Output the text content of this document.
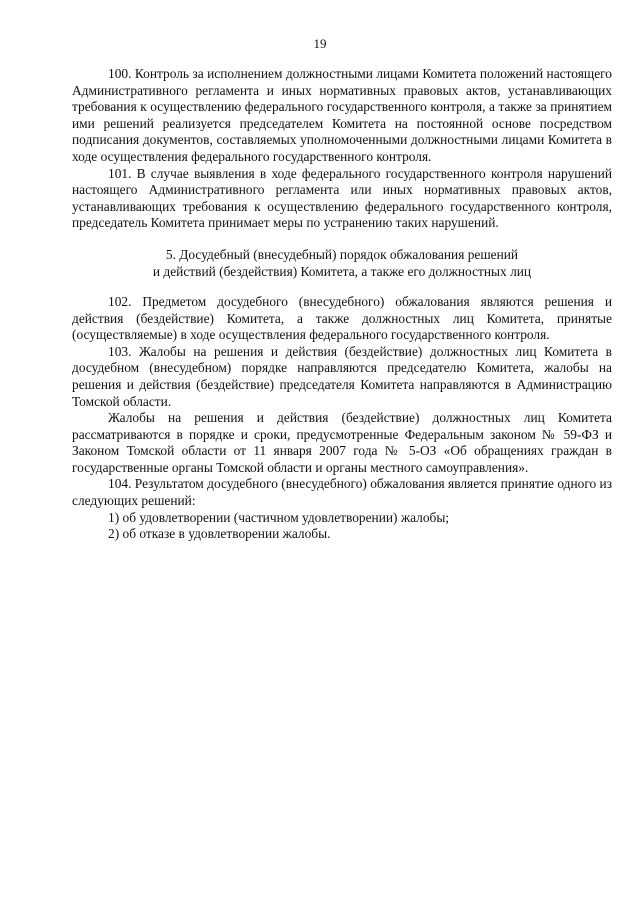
19

100. Контроль за исполнением должностными лицами Комитета положений настоящего Административного регламента и иных нормативных правовых актов, устанавливающих требования к осуществлению федерального государственного контроля, а также за принятием ими решений реализуется председателем Комитета на постоянной основе посредством подписания документов, составляемых уполномоченными должностными лицами Комитета в ходе осуществления федерального государственного контроля.

101. В случае выявления в ходе федерального государственного контроля нарушений настоящего Административного регламента или иных нормативных правовых актов, устанавливающих требования к осуществлению федерального государственного контроля, председатель Комитета принимает меры по устранению таких нарушений.

5. Досудебный (внесудебный) порядок обжалования решений
и действий (бездействия) Комитета, а также его должностных лиц

102. Предметом досудебного (внесудебного) обжалования являются решения и действия (бездействие) Комитета, а также должностных лиц Комитета, принятые (осуществляемые) в ходе осуществления федерального государственного контроля.

103. Жалобы на решения и действия (бездействие) должностных лиц Комитета в досудебном (внесудебном) порядке направляются председателю Комитета, жалобы на решения и действия (бездействие) председателя Комитета направляются в Администрацию Томской области.

Жалобы на решения и действия (бездействие) должностных лиц Комитета рассматриваются в порядке и сроки, предусмотренные Федеральным законом № 59-ФЗ и Законом Томской области от 11 января 2007 года № 5-ОЗ «Об обращениях граждан в государственные органы Томской области и органы местного самоуправления».

104. Результатом досудебного (внесудебного) обжалования является принятие одного из следующих решений:

1) об удовлетворении (частичном удовлетворении) жалобы;

2) об отказе в удовлетворении жалобы.
